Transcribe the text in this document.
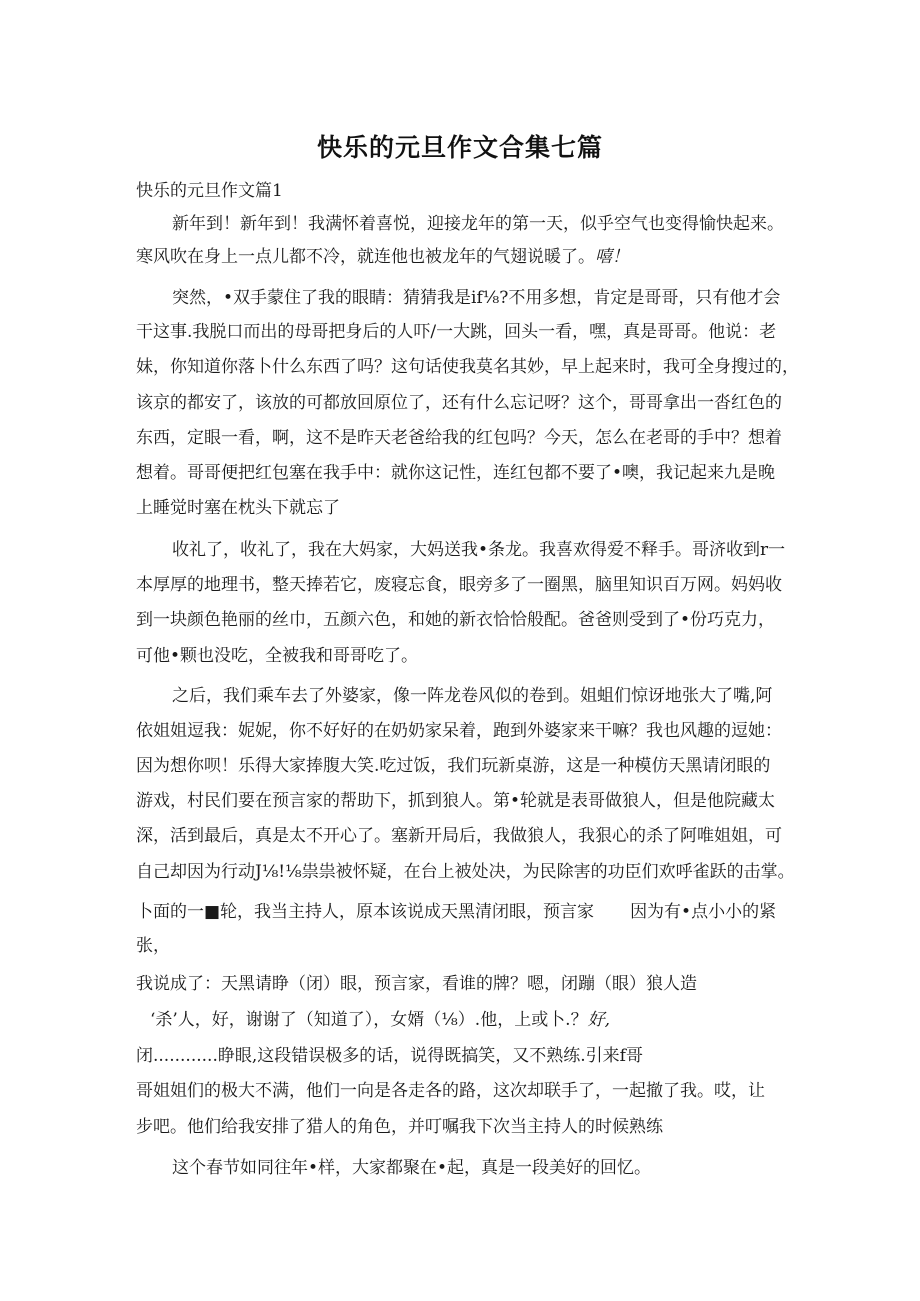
快乐的元旦作文合集七篇
快乐的元旦作文篇1
新年到！新年到！我满怀着喜悦，迎接龙年的第一天，似乎空气也变得愉快起来。
寒风吹在身上一点儿都不冷，就连他也被龙年的气翅说暖了。嘻！
突然，•双手蒙住了我的眼睛：猜猜我是if⅛?不用多想，肯定是哥哥，只有他才会
干这事.我脱口而出的母哥把身后的人吓/一大跳，回头一看，嘿，真是哥哥。他说：老
妹，你知道你落卜什么东西了吗？这句话使我莫名其妙，早上起来时，我可全身搜过的，
该京的都安了，该放的可都放回原位了，还有什么忘记呀？这个，哥哥拿出一沓红色的
东西，定眼一看，啊，这不是昨天老爸给我的红包吗？今天，怎么在老哥的手中？想着
想着。哥哥便把红包塞在我手中：就你这记性，连红包都不要了•噢，我记起来九是晚
上睡觉时塞在枕头下就忘了
收礼了，收礼了，我在大妈家，大妈送我•条龙。我喜欢得爱不释手。哥济收到r一
本厚厚的地理书，整天捧若它，废寝忘食，眼旁多了一圈黑，脑里知识百万网。妈妈收
到一块颜色艳丽的丝巾，五颜六色，和她的新衣恰恰般配。爸爸则受到了•份巧克力，
可他•颗也没吃，全被我和哥哥吃了。
之后，我们乘车去了外婆家，像一阵龙卷风似的卷到。姐蛆们惊讶地张大了嘴,阿
依姐姐逗我：妮妮，你不好好的在奶奶家呆着，跑到外婆家来干嘛？我也风趣的逗她：
因为想你呗！乐得大家捧腹大笑.吃过饭，我们玩新桌游，这是一种模仿天黑请闭眼的
游戏，村民们要在预言家的帮助下，抓到狼人。第•轮就是表哥做狼人，但是他院藏太
深，活到最后，真是太不开心了。塞新开局后，我做狼人，我狠心的杀了阿唯姐姐，可
自己却因为行动J⅛!⅛祟祟被怀疑，在台上被处决，为民除害的功臣们欢呼雀跃的击掌。
卜面的一■轮，我当主持人，原本该说成天黑清闭眼，预言家 因为有•点小小的紧
张，
我说成了：天黑请睁（闭）眼，预言家，看谁的牌？嗯，闭蹦（眼）狼人造
‘杀’人，好，谢谢了（知道了），女婿（⅛）.他，上或卜.？好,
闭............睁眼,这段错误极多的话，说得既搞笑，又不熟练.引来f哥
哥姐姐们的极大不满，他们一向是各走各的路，这次却联手了，一起撤了我。哎，让
步吧。他们给我安排了猎人的角色，并叮嘱我下次当主持人的时候熟练
这个春节如同往年•样，大家都聚在•起，真是一段美好的回忆。
